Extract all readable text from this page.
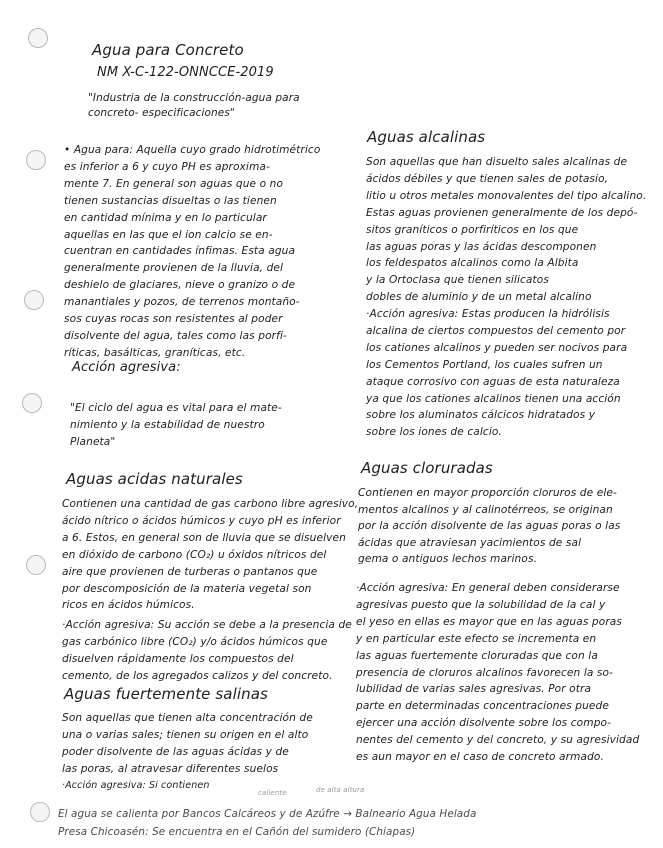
Agua para Concreto
NM X-C-122-ONNCCE-2019
"Industria de la construcción-agua para
concreto- especificaciones"
• Agua para: Aquella cuyo grado hidrotimétrico
es inferior a 6 y cuyo PH es aproxima-
mente 7. En general son aguas que o no
tienen sustancias disueltas o las tienen
en cantidad mínima y en lo particular
aquellas en las que el ion calcio se en-
cuentran en cantidades ínfimas. Esta agua
generalmente provienen de la lluvia, del
deshielo de glaciares, nieve o granizo o de
manantiales y pozos, de terrenos montaño-
sos cuyas rocas son resistentes al poder
disolvente del agua, tales como las porfi-
ríticas, basálticas, graníticas, etc.
Acción agresiva:
"El ciclo del agua es vital para el mate-
nimiento y la estabilidad de nuestro
Planeta"
Aguas acidas naturales
Contienen una cantidad de gas carbono libre agresivo,
ácido nítrico o ácidos húmicos y cuyo pH es inferior
a 6. Estos, en general son de lluvia que se disuelven
en dióxido de carbono (CO₂) u óxidos nítricos del
aire que provienen de turberas o pantanos que
por descomposición de la materia vegetal son
ricos en ácidos húmicos.
·Acción agresiva: Su acción se debe a la presencia de
gas carbónico libre (CO₂) y/o ácidos húmicos que
disuelven rápidamente los compuestos del
cemento, de los agregados calizos y del concreto.
Aguas fuertemente salinas
Son aquellas que tienen alta concentración de
una o varias sales; tienen su origen en el alto
poder disolvente de las aguas ácidas y de
las poras, al atravesar diferentes suelos
·Acción agresiva: Si contienen
Aguas alcalinas
Son aquellas que han disuelto sales alcalinas de
ácidos débiles y que tienen sales de potasio,
litio u otros metales monovalentes del tipo alcalino.
Estas aguas provienen generalmente de los depó-
sitos graníticos o porfiríticos en los que
las aguas poras y las ácidas descomponen
los feldespatos alcalinos como la Albita
y la Ortoclasa que tienen silicatos
dobles de aluminio y de un metal alcalino
·Acción agresiva: Estas producen la hidrólisis
alcalina de ciertos compuestos del cemento por
los cationes alcalinos y pueden ser nocivos para
los Cementos Portland, los cuales sufren un
ataque corrosivo con aguas de esta naturaleza
ya que los cationes alcalinos tienen una acción
sobre los aluminatos cálcicos hidratados y
sobre los iones de calcio.
Aguas cloruradas
Contienen en mayor proporción cloruros de ele-
mentos alcalinos y al calinotérreos, se originan
por la acción disolvente de las aguas poras o las
ácidas que atraviesan yacimientos de sal
gema o antiguos lechos marinos.
·Acción agresiva: En general deben considerarse
agresivas puesto que la solubilidad de la cal y
el yeso en ellas es mayor que en las aguas poras
y en particular este efecto se incrementa en
las aguas fuertemente cloruradas que con la
presencia de cloruros alcalinos favorecen la so-
lubilidad de varias sales agresivas. Por otra
parte en determinadas concentraciones puede
ejercer una acción disolvente sobre los compo-
nentes del cemento y del concreto, y su agresividad
es aun mayor en el caso de concreto armado.
caliente	de alta altura
El agua se calienta por Bancos Calcáreos y de Azúfre → Balneario Agua Helada
Presa Chicoasén: Se encuentra en el Cañón del sumidero (Chiapas)
